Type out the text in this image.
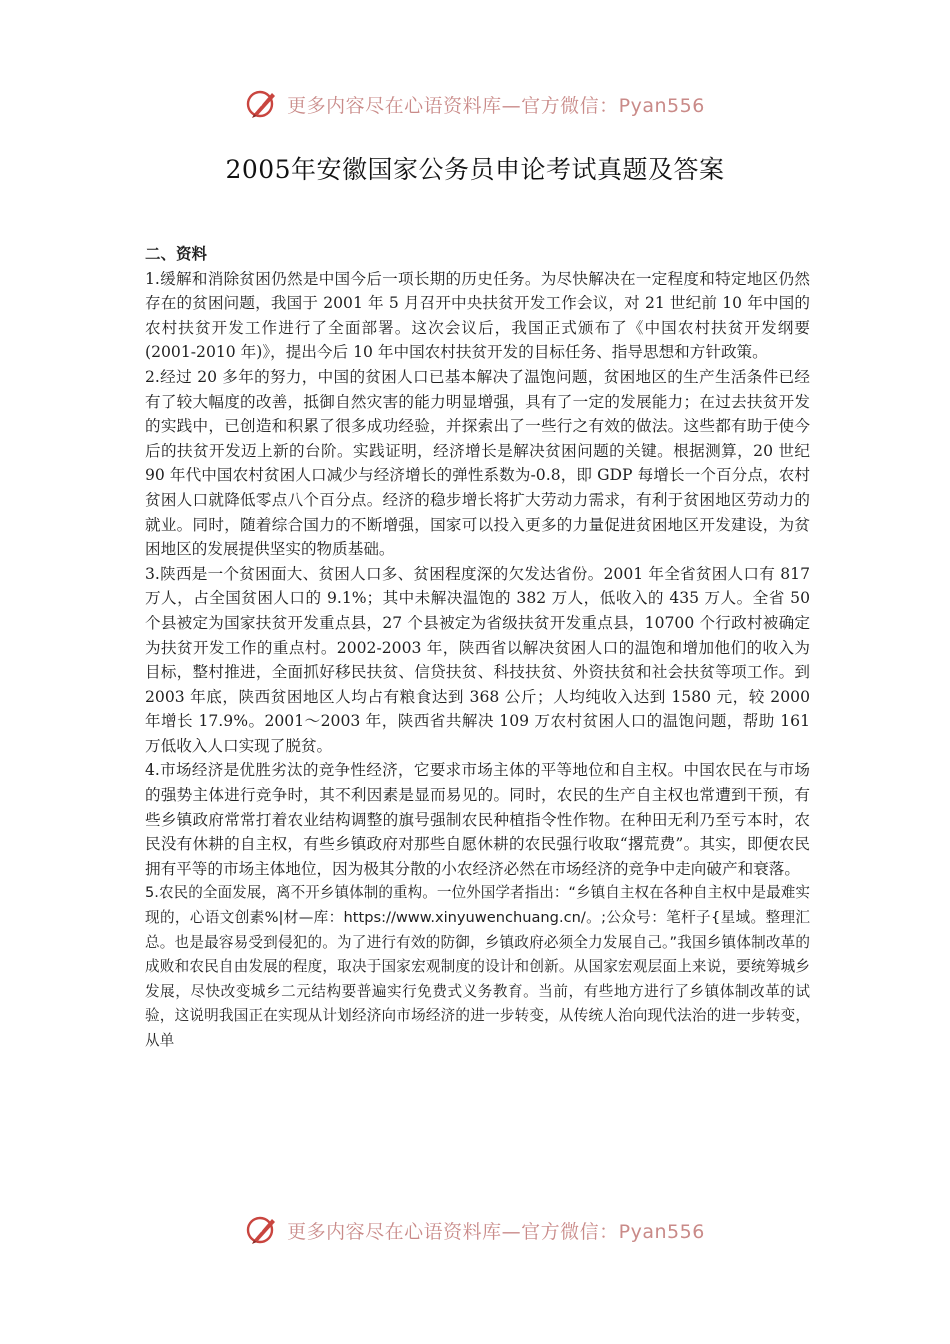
更多内容尽在心语资料库—官方微信：Pyan556
2005年安徽国家公务员申论考试真题及答案

二、资料

1.缓解和消除贫困仍然是中国今后一项长期的历史任务。为尽快解决在一定程度和特定地区仍然存在的贫困问题，我国于 2001 年 5 月召开中央扶贫开发工作会议，对 21 世纪前 10 年中国的农村扶贫开发工作进行了全面部署。这次会议后，我国正式颁布了《中国农村扶贫开发纲要(2001-2010 年)》，提出今后 10 年中国农村扶贫开发的目标任务、指导思想和方针政策。

2.经过 20 多年的努力，中国的贫困人口已基本解决了温饱问题，贫困地区的生产生活条件已经有了较大幅度的改善，抵御自然灾害的能力明显增强，具有了一定的发展能力；在过去扶贫开发的实践中，已创造和积累了很多成功经验，并探索出了一些行之有效的做法。这些都有助于使今后的扶贫开发迈上新的台阶。实践证明，经济增长是解决贫困问题的关键。根据测算，20 世纪 90 年代中国农村贫困人口减少与经济增长的弹性系数为-0.8，即 GDP 每增长一个百分点，农村贫困人口就降低零点八个百分点。经济的稳步增长将扩大劳动力需求，有利于贫困地区劳动力的就业。同时，随着综合国力的不断增强，国家可以投入更多的力量促进贫困地区开发建设，为贫困地区的发展提供坚实的物质基础。

3.陕西是一个贫困面大、贫困人口多、贫困程度深的欠发达省份。2001 年全省贫困人口有 817 万人，占全国贫困人口的 9.1%；其中未解决温饱的 382 万人，低收入的 435 万人。全省 50 个县被定为国家扶贫开发重点县，27 个县被定为省级扶贫开发重点县，10700 个行政村被确定为扶贫开发工作的重点村。2002-2003 年，陕西省以解决贫困人口的温饱和增加他们的收入为目标，整村推进，全面抓好移民扶贫、信贷扶贫、科技扶贫、外资扶贫和社会扶贫等项工作。到 2003 年底，陕西贫困地区人均占有粮食达到 368 公斤；人均纯收入达到 1580 元，较 2000 年增长 17.9%。2001～2003 年，陕西省共解决 109 万农村贫困人口的温饱问题，帮助 161 万低收入人口实现了脱贫。

4.市场经济是优胜劣汰的竞争性经济，它要求市场主体的平等地位和自主权。中国农民在与市场的强势主体进行竞争时，其不利因素是显而易见的。同时，农民的生产自主权也常遭到干预，有些乡镇政府常常打着农业结构调整的旗号强制农民种植指令性作物。在种田无利乃至亏本时，农民没有休耕的自主权，有些乡镇政府对那些自愿休耕的农民强行收取“撂荒费”。其实，即便农民拥有平等的市场主体地位，因为极其分散的小农经济必然在市场经济的竞争中走向破产和衰落。

5.农民的全面发展，离不开乡镇体制的重构。一位外国学者指出：“乡镇自主权在各种自主权中是最难实现的，心语文创素%|材—库：https://www.xinyuwenchuang.cn/。;公众号：笔杆子{星域。整理汇总。也是最容易受到侵犯的。为了进行有效的防御，乡镇政府必须全力发展自己。”我国乡镇体制改革的成败和农民自由发展的程度，取决于国家宏观制度的设计和创新。从国家宏观层面上来说，要统筹城乡发展，尽快改变城乡二元结构要普遍实行免费式义务教育。当前，有些地方进行了乡镇体制改革的试验，这说明我国正在实现从计划经济向市场经济的进一步转变，从传统人治向现代法治的进一步转变，从单

更多内容尽在心语资料库—官方微信：Pyan556
